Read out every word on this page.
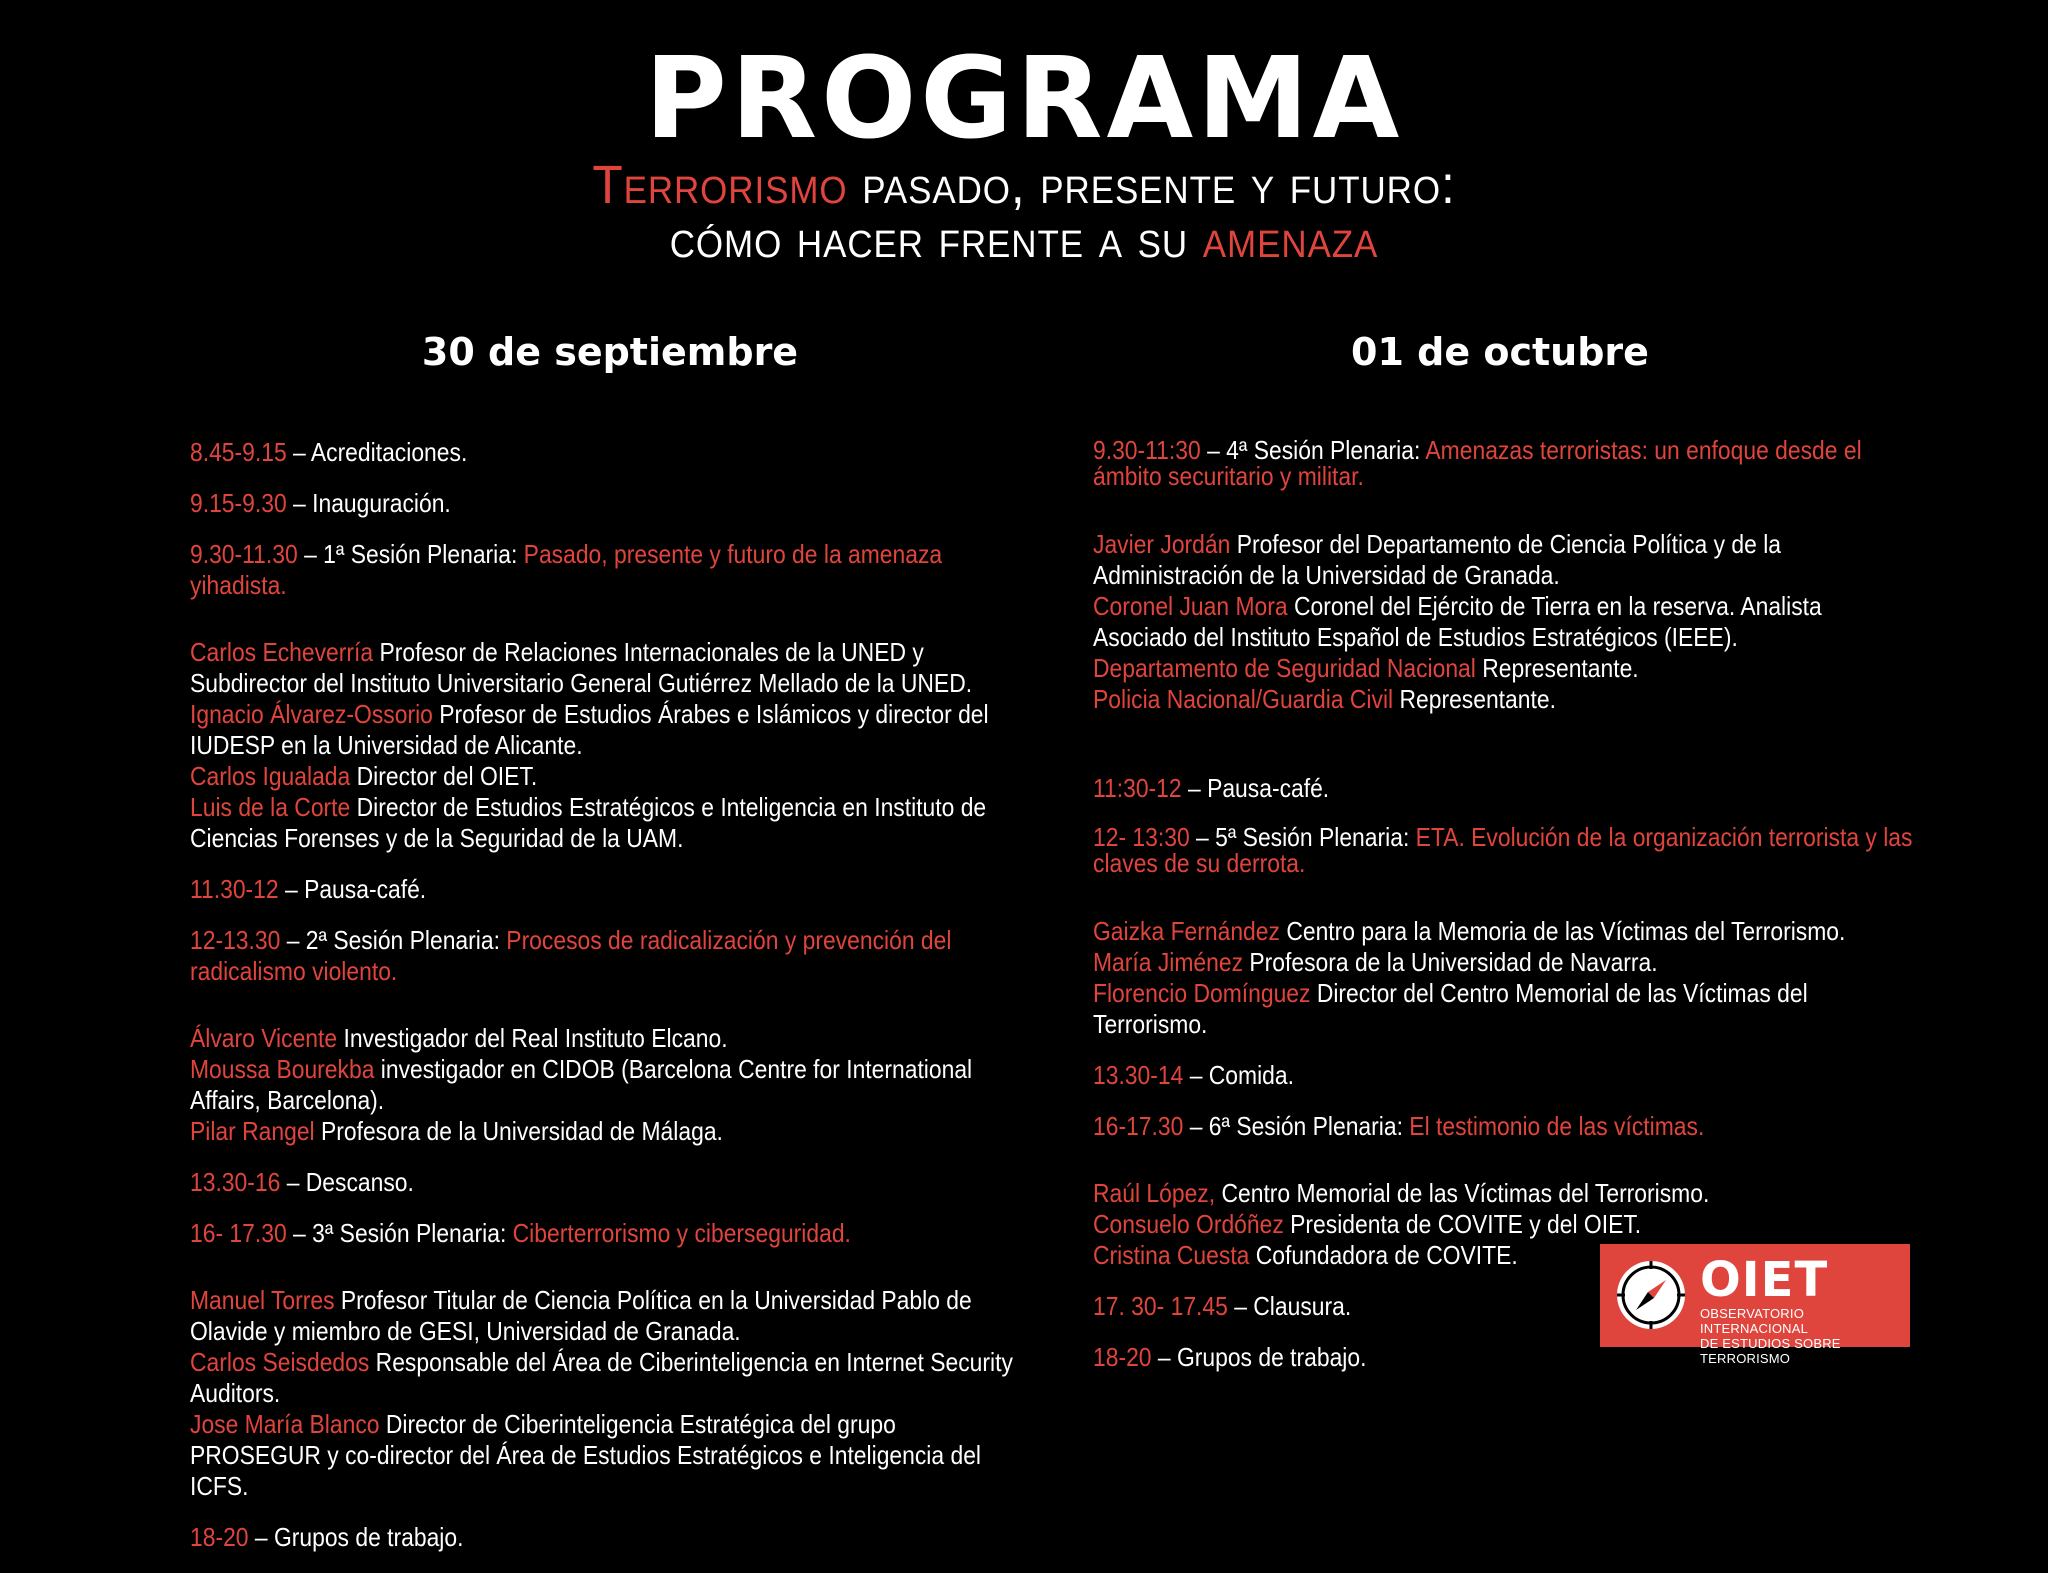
PROGRAMA
Terrorismo pasado, presente y futuro:
cómo hacer frente a su amenaza
30 de septiembre	01 de octubre
8.45-9.15 – Acreditaciones.
9.15-9.30 – Inauguración.
9.30-11.30 – 1ª Sesión Plenaria: Pasado, presente y futuro de la amenaza yihadista.
Carlos Echeverría Profesor de Relaciones Internacionales de la UNED y Subdirector del Instituto Universitario General Gutiérrez Mellado de la UNED.
Ignacio Álvarez-Ossorio Profesor de Estudios Árabes e Islámicos y director del IUDESP en la Universidad de Alicante.
Carlos Igualada Director del OIET.
Luis de la Corte Director de Estudios Estratégicos e Inteligencia en Instituto de Ciencias Forenses y de la Seguridad de la UAM.
11.30-12 – Pausa-café.
12-13.30 – 2ª Sesión Plenaria: Procesos de radicalización y prevención del radicalismo violento.
Álvaro Vicente Investigador del Real Instituto Elcano.
Moussa Bourekba investigador en CIDOB (Barcelona Centre for International Affairs, Barcelona).
Pilar Rangel Profesora de la Universidad de Málaga.
13.30-16 – Descanso.
16- 17.30 – 3ª Sesión Plenaria: Ciberterrorismo y ciberseguridad.
Manuel Torres Profesor Titular de Ciencia Política en la Universidad Pablo de Olavide y miembro de GESI, Universidad de Granada.
Carlos Seisdedos Responsable del Área de Ciberinteligencia en Internet Security Auditors.
Jose María Blanco Director de Ciberinteligencia Estratégica del grupo PROSEGUR y co-director del Área de Estudios Estratégicos e Inteligencia del ICFS.
18-20 – Grupos de trabajo.
9.30-11:30 – 4ª Sesión Plenaria: Amenazas terroristas: un enfoque desde el ámbito securitario y militar.
Javier Jordán Profesor del Departamento de Ciencia Política y de la Administración de la Universidad de Granada.
Coronel Juan Mora Coronel del Ejército de Tierra en la reserva. Analista Asociado del Instituto Español de Estudios Estratégicos (IEEE).
Departamento de Seguridad Nacional Representante.
Policia Nacional/Guardia Civil Representante.
11:30-12 – Pausa-café.
12- 13:30 – 5ª Sesión Plenaria: ETA. Evolución de la organización terrorista y las claves de su derrota.
Gaizka Fernández Centro para la Memoria de las Víctimas del Terrorismo.
María Jiménez Profesora de la Universidad de Navarra.
Florencio Domínguez Director del Centro Memorial de las Víctimas del Terrorismo.
13.30-14 – Comida.
16-17.30 – 6ª Sesión Plenaria: El testimonio de las víctimas.
Raúl López, Centro Memorial de las Víctimas del Terrorismo.
Consuelo Ordóñez Presidenta de COVITE y del OIET.
Cristina Cuesta Cofundadora de COVITE.
17. 30- 17.45 – Clausura.
18-20 – Grupos de trabajo.
OIET
OBSERVATORIO INTERNACIONAL
DE ESTUDIOS SOBRE TERRORISMO
